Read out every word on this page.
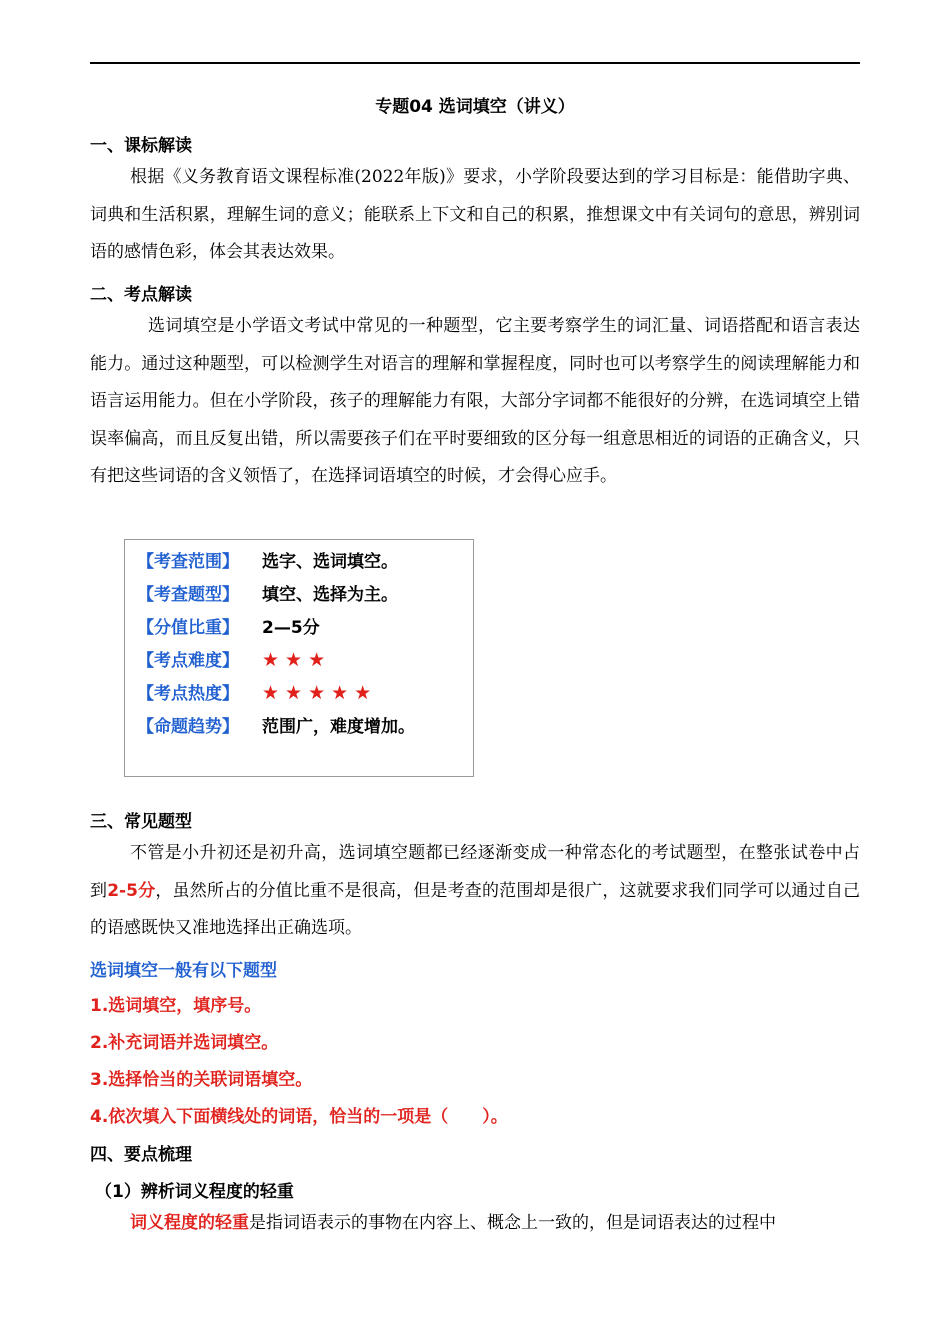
专题04 选词填空（讲义）
一、课标解读

根据《义务教育语文课程标准(2022年版)》要求，小学阶段要达到的学习目标是：能借助字典、词典和生活积累，理解生词的意义；能联系上下文和自己的积累，推想课文中有关词句的意思，辨别词语的感情色彩，体会其表达效果。

二、考点解读

选词填空是小学语文考试中常见的一种题型，它主要考察学生的词汇量、词语搭配和语言表达能力。通过这种题型，可以检测学生对语言的理解和掌握程度，同时也可以考察学生的阅读理解能力和语言运用能力。但在小学阶段，孩子的理解能力有限，大部分字词都不能很好的分辨，在选词填空上错误率偏高，而且反复出错，所以需要孩子们在平时要细致的区分每一组意思相近的词语的正确含义，只有把这些词语的含义领悟了，在选择词语填空的时候，才会得心应手。

【考查范围】 选字、选词填空。
【考查题型】 填空、选择为主。
【分值比重】 2—5分
【考点难度】 ★★★
【考点热度】 ★★★★★
【命题趋势】 范围广，难度增加。
三、常见题型

不管是小升初还是初升高，选词填空题都已经逐渐变成一种常态化的考试题型，在整张试卷中占到2-5分，虽然所占的分值比重不是很高，但是考查的范围却是很广，这就要求我们同学可以通过自己的语感既快又准地选择出正确选项。

选词填空一般有以下题型
1.选词填空，填序号。
2.补充词语并选词填空。
3.选择恰当的关联词语填空。
4.依次填入下面横线处的词语，恰当的一项是（　　）。
四、要点梳理
（1）辨析词义程度的轻重

词义程度的轻重是指词语表示的事物在内容上、概念上一致的，但是词语表达的过程中
